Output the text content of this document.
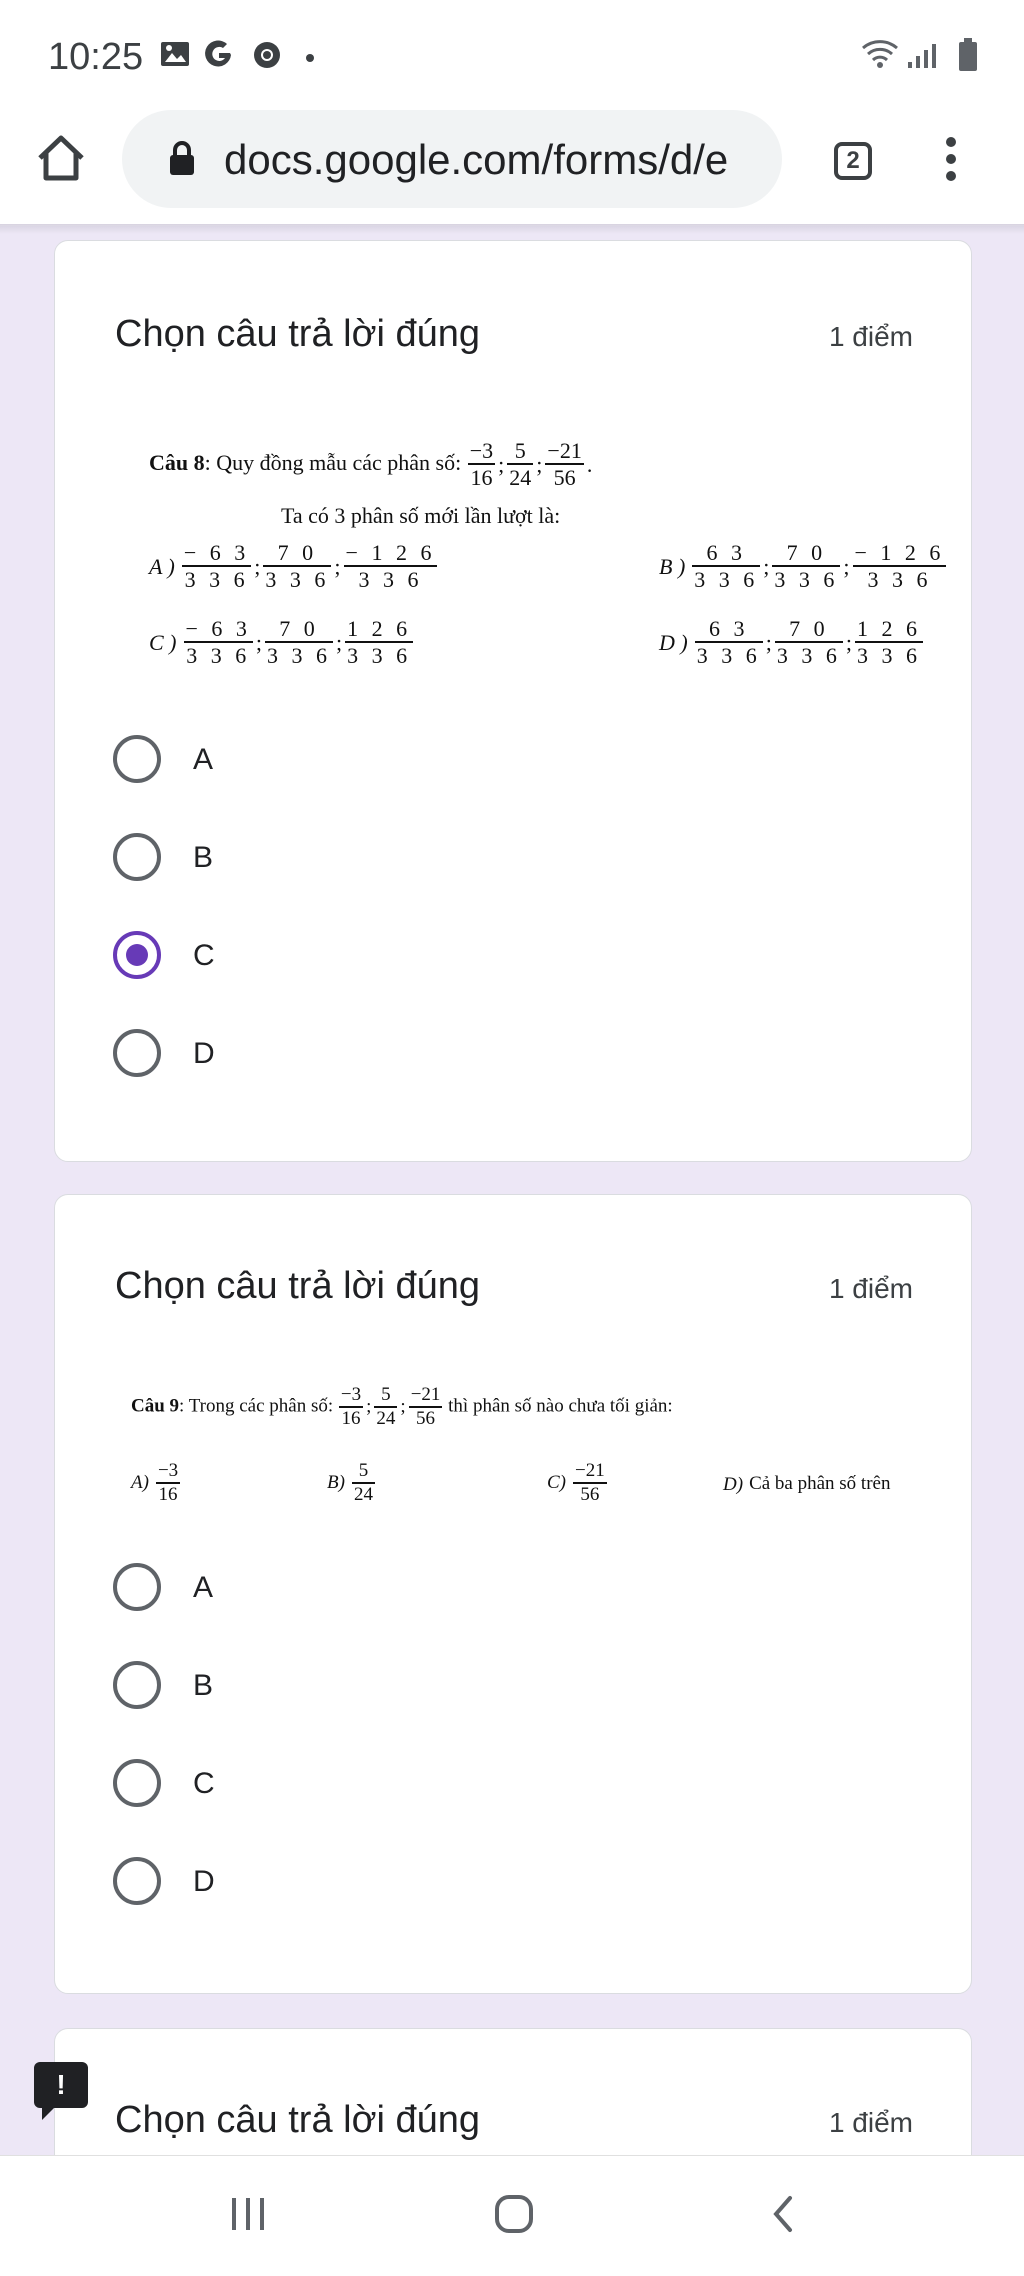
10:25
docs.google.com/forms/d/e	2
Chọn câu trả lời đúng	1 điểm
Câu 8: Quy đồng mẫu các phân số: $\frac{-3}{16}$ ; $\frac{5}{24}$ ; $\frac{-21}{56}$ .
Ta có 3 phân số mới lần lượt là:
A ) $\frac{- 6 3}{3 3 6}$ ; $\frac{7 0}{3 3 6}$ ; $\frac{- 1 2 6}{3 3 6}$	B ) $\frac{6 3}{3 3 6}$ ; $\frac{7 0}{3 3 6}$ ; $\frac{- 1 2 6}{3 3 6}$
C ) $\frac{- 6 3}{3 3 6}$ ; $\frac{7 0}{3 3 6}$ ; $\frac{1 2 6}{3 3 6}$	D ) $\frac{6 3}{3 3 6}$ ; $\frac{7 0}{3 3 6}$ ; $\frac{1 2 6}{3 3 6}$
A
B
C
D
Chọn câu trả lời đúng	1 điểm
Câu 9: Trong các phân số: $\frac{-3}{16}$ ; $\frac{5}{24}$ ; $\frac{-21}{56}$ thì phân số nào chưa tối giản:
$A) \frac{-3}{16}$	$B) \frac{5}{24}$	$C) \frac{-21}{56}$	D) Cả ba phân số trên
A
B
C
D
Chọn câu trả lời đúng	1 điểm
!
